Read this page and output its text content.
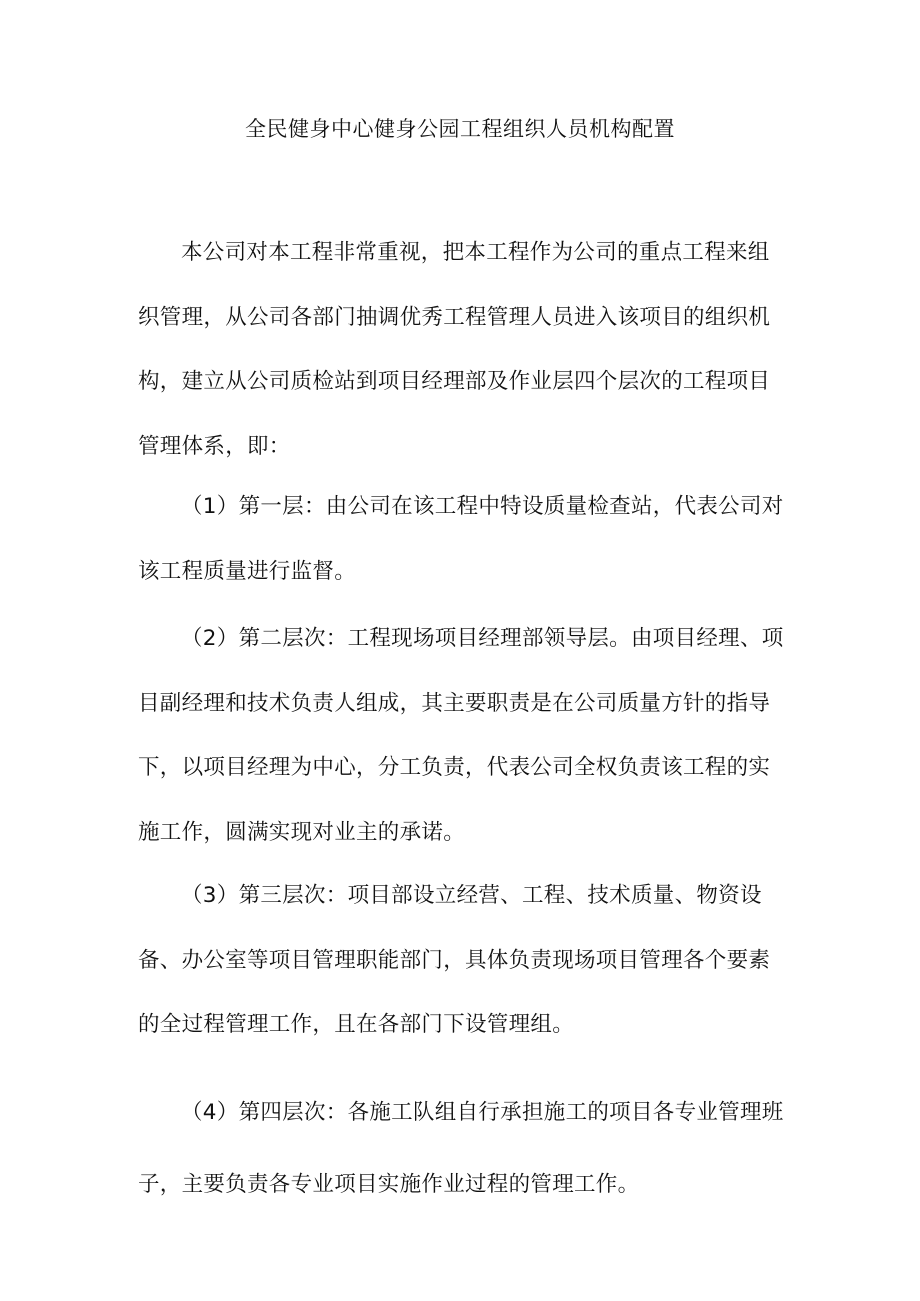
全民健身中心健身公园工程组织人员机构配置

本公司对本工程非常重视，把本工程作为公司的重点工程来组织管理，从公司各部门抽调优秀工程管理人员进入该项目的组织机构，建立从公司质检站到项目经理部及作业层四个层次的工程项目管理体系，即：

（1）第一层：由公司在该工程中特设质量检查站，代表公司对该工程质量进行监督。

（2）第二层次：工程现场项目经理部领导层。由项目经理、项目副经理和技术负责人组成，其主要职责是在公司质量方针的指导下，以项目经理为中心，分工负责，代表公司全权负责该工程的实施工作，圆满实现对业主的承诺。

（3）第三层次：项目部设立经营、工程、技术质量、物资设备、办公室等项目管理职能部门，具体负责现场项目管理各个要素的全过程管理工作，且在各部门下设管理组。

（4）第四层次：各施工队组自行承担施工的项目各专业管理班子，主要负责各专业项目实施作业过程的管理工作。
